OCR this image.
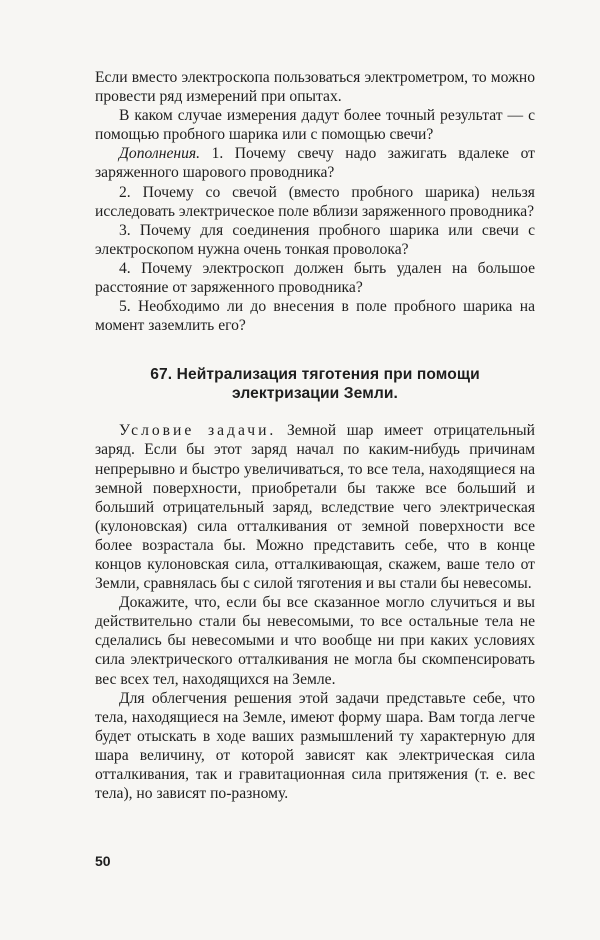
Если вместо электроскопа пользоваться электрометром, то можно провести ряд измерений при опытах.

В каком случае измерения дадут более точный результат — с помощью пробного шарика или с помощью свечи?

Дополнения. 1. Почему свечу надо зажигать вдалеке от заряженного шарового проводника?

2. Почему со свечой (вместо пробного шарика) нельзя исследовать электрическое поле вблизи заряженного проводника?

3. Почему для соединения пробного шарика или свечи с электроскопом нужна очень тонкая проволока?

4. Почему электроскоп должен быть удален на большое расстояние от заряженного проводника?

5. Необходимо ли до внесения в поле пробного шарика на момент заземлить его?

67. Нейтрализация тяготения при помощи
электризации Земли.

Условие задачи. Земной шар имеет отрицательный заряд. Если бы этот заряд начал по каким-нибудь причинам непрерывно и быстро увеличиваться, то все тела, находящиеся на земной поверхности, приобретали бы также все больший и больший отрицательный заряд, вследствие чего электрическая (кулоновская) сила отталкивания от земной поверхности все более возрастала бы. Можно представить себе, что в конце концов кулоновская сила, отталкивающая, скажем, ваше тело от Земли, сравнялась бы с силой тяготения и вы стали бы невесомы.

Докажите, что, если бы все сказанное могло случиться и вы действительно стали бы невесомыми, то все остальные тела не сделались бы невесомыми и что вообще ни при каких условиях сила электрического отталкивания не могла бы скомпенсировать вес всех тел, находящихся на Земле.

Для облегчения решения этой задачи представьте себе, что тела, находящиеся на Земле, имеют форму шара. Вам тогда легче будет отыскать в ходе ваших размышлений ту характерную для шара величину, от которой зависят как электрическая сила отталкивания, так и гравитационная сила притяжения (т. е. вес тела), но зависят по-разному.

50
